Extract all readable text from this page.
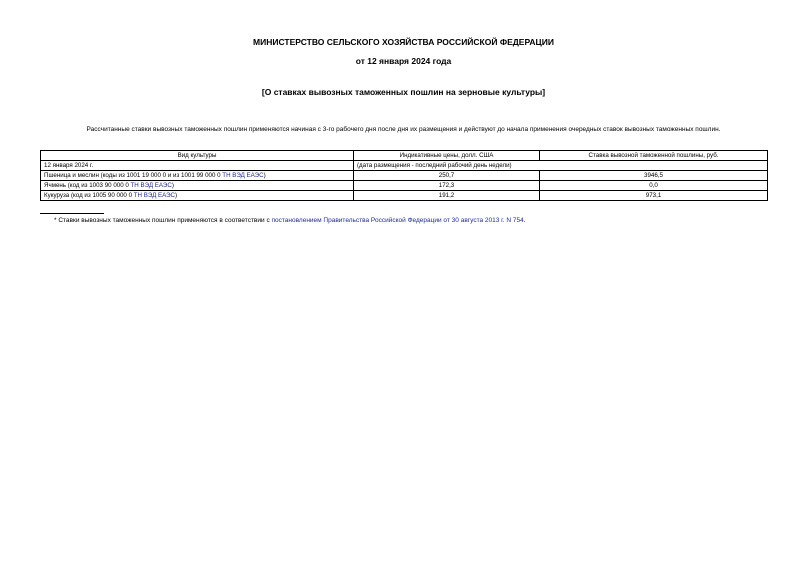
МИНИСТЕРСТВО СЕЛЬСКОГО ХОЗЯЙСТВА РОССИЙСКОЙ ФЕДЕРАЦИИ
от 12 января 2024 года
[О ставках вывозных таможенных пошлин на зерновые культуры]
Рассчитанные ставки вывозных таможенных пошлин применяются начиная с 3-го рабочего дня после дня их размещения и действуют до начала применения очередных ставок вывозных таможенных пошлин.
Вид культуры	Индикативные цены, долл. США	Ставка вывозной таможенной пошлины, руб.
12 января 2024 г.	(дата размещения - последний рабочий день недели)	
Пшеница и меслин (коды из 1001 19 000 0 и из 1001 99 000 0 ТН ВЭД ЕАЭС)	250,7	3946,5
Ячмень (код из 1003 90 000 0 ТН ВЭД ЕАЭС)	172,3	0,0
Кукуруза (код из 1005 90 000 0 ТН ВЭД ЕАЭС)	191,2	973,1
* Ставки вывозных таможенных пошлин применяются в соответствии с постановлением Правительства Российской Федерации от 30 августа 2013 г. N 754.
